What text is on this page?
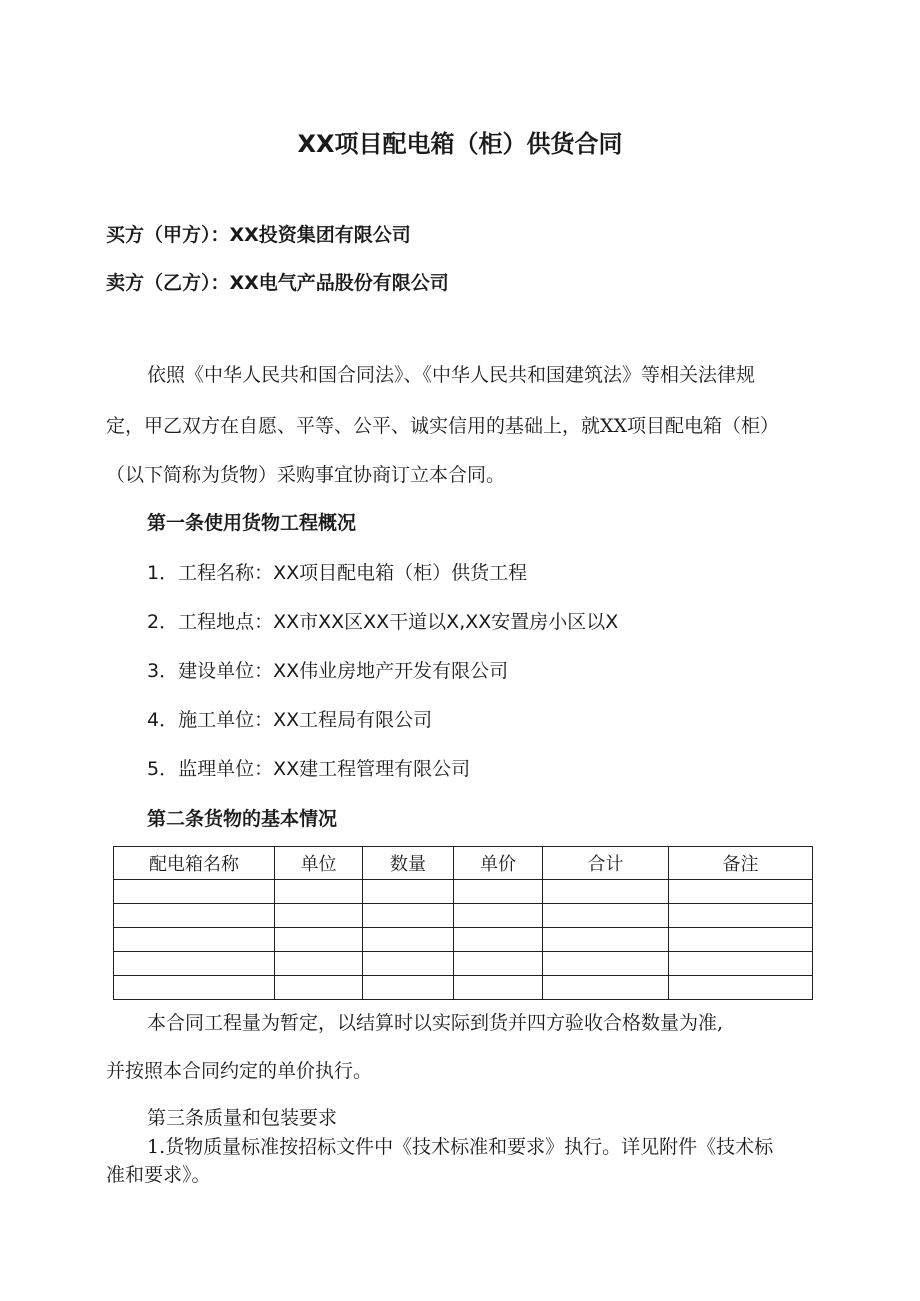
XX项目配电箱（柜）供货合同
买方（甲方）：XX投资集团有限公司
卖方（乙方）：XX电气产品股份有限公司
依照《中华人民共和国合同法》、《中华人民共和国建筑法》等相关法律规
定，甲乙双方在自愿、平等、公平、诚实信用的基础上，就XX项目配电箱（柜）
（以下简称为货物）采购事宜协商订立本合同。
第一条使用货物工程概况
1．工程名称：XX项目配电箱（柜）供货工程
2．工程地点：XX市XX区XX干道以X,XX安置房小区以X
3．建设单位：XX伟业房地产开发有限公司
4．施工单位：XX工程局有限公司
5．监理单位：XX建工程管理有限公司
第二条货物的基本情况
配电箱名称	单位	数量	单价	合计	备注

本合同工程量为暂定，以结算时以实际到货并四方验收合格数量为准,
并按照本合同约定的单价执行。
第三条质量和包装要求
1.货物质量标准按招标文件中《技术标准和要求》执行。详见附件《技术标
准和要求》。
